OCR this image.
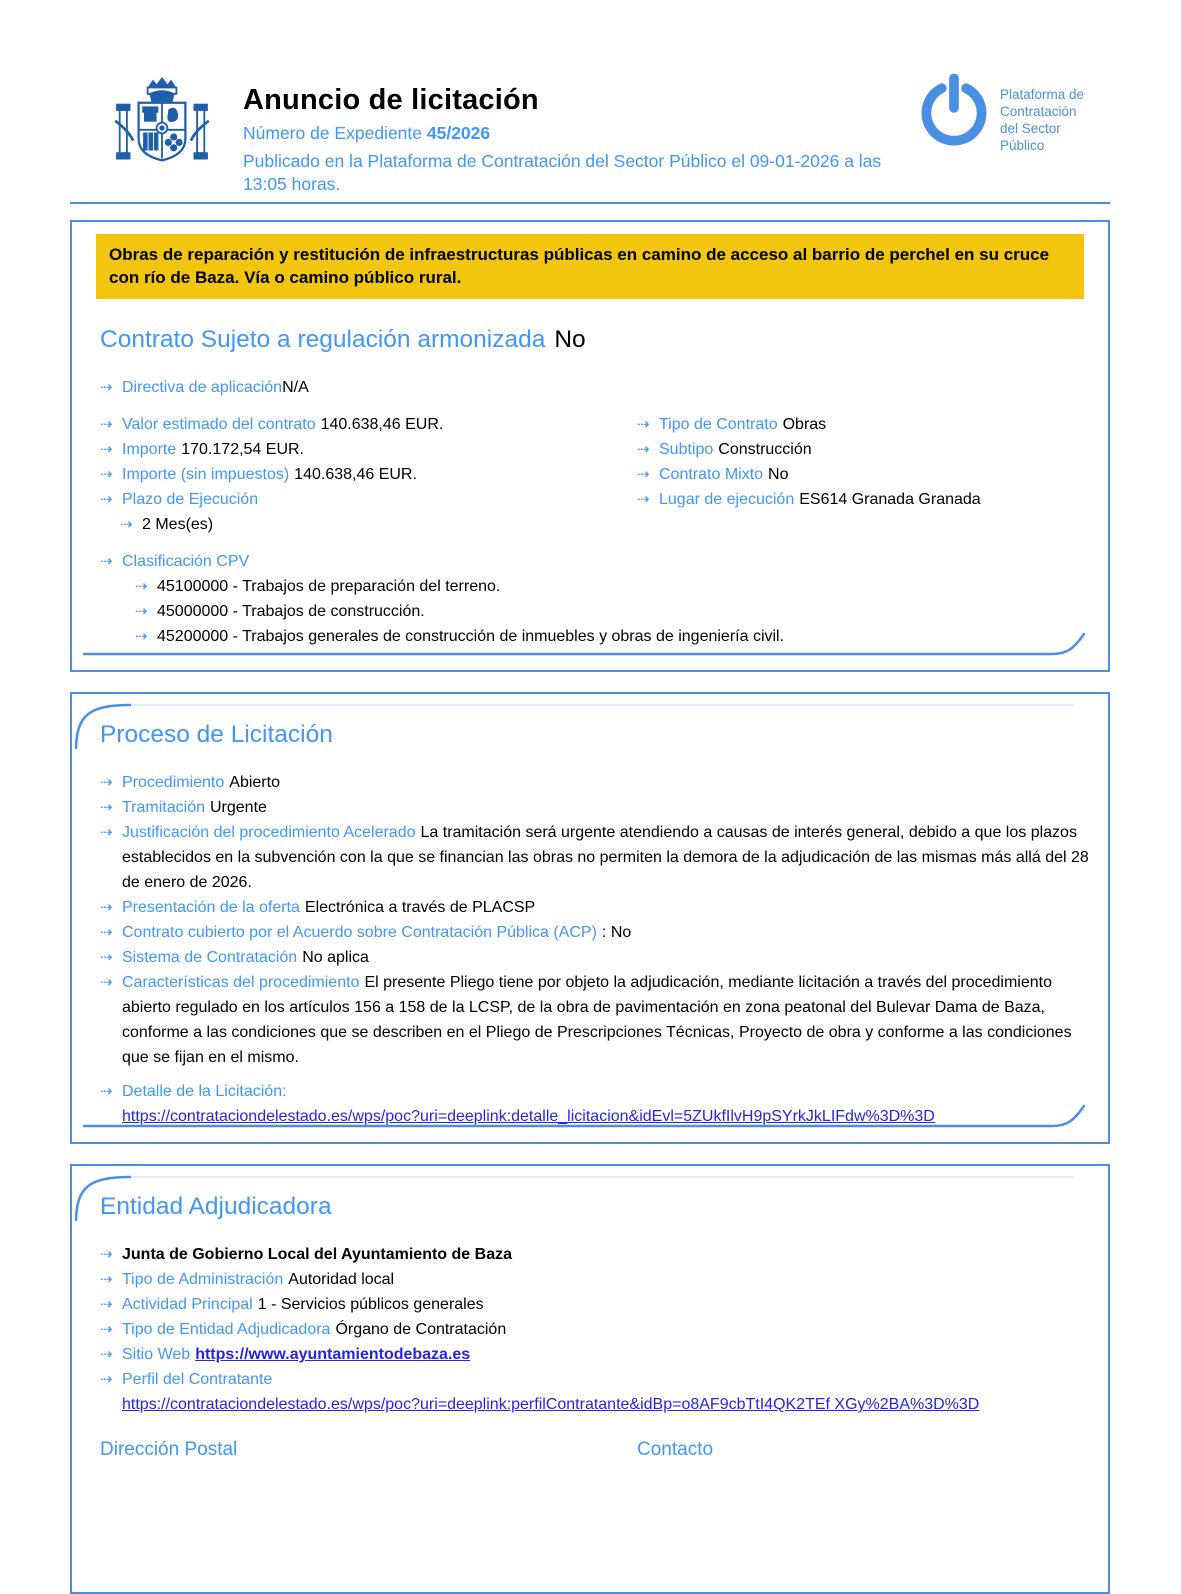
Anuncio de licitación
Número de Expediente 45/2026
Publicado en la Plataforma de Contratación del Sector Público el 09-01-2026 a las 13:05 horas.
Plataforma de
Contratación
del Sector
Público
Obras de reparación y restitución de infraestructuras públicas en camino de acceso al barrio de perchel en su cruce con río de Baza. Vía o camino público rural.
Contrato Sujeto a regulación armonizada No
⇢ Directiva de aplicaciónN/A
⇢ Valor estimado del contrato 140.638,46 EUR.
⇢ Importe 170.172,54 EUR.
⇢ Importe (sin impuestos) 140.638,46 EUR.
⇢ Plazo de Ejecución
⇢ 2 Mes(es)
⇢ Tipo de Contrato Obras
⇢ Subtipo Construcción
⇢ Contrato Mixto No
⇢ Lugar de ejecución ES614 Granada Granada
⇢ Clasificación CPV
⇢ 45100000 - Trabajos de preparación del terreno.
⇢ 45000000 - Trabajos de construcción.
⇢ 45200000 - Trabajos generales de construcción de inmuebles y obras de ingeniería civil.
Proceso de Licitación
⇢ Procedimiento Abierto
⇢ Tramitación Urgente
⇢ Justificación del procedimiento Acelerado La tramitación será urgente atendiendo a causas de interés general, debido a que los plazos establecidos en la subvención con la que se financian las obras no permiten la demora de la adjudicación de las mismas más allá del 28 de enero de 2026.
⇢ Presentación de la oferta Electrónica a través de PLACSP
⇢ Contrato cubierto por el Acuerdo sobre Contratación Pública (ACP) : No
⇢ Sistema de Contratación No aplica
⇢ Características del procedimiento El presente Pliego tiene por objeto la adjudicación, mediante licitación a través del procedimiento abierto regulado en los artículos 156 a 158 de la LCSP, de la obra de pavimentación en zona peatonal del Bulevar Dama de Baza, conforme a las condiciones que se describen en el Pliego de Prescripciones Técnicas, Proyecto de obra y conforme a las condiciones que se fijan en el mismo.
⇢ Detalle de la Licitación:
https://contrataciondelestado.es/wps/poc?uri=deeplink:detalle_licitacion&idEvl=5ZUkfIlvH9pSYrkJkLIFdw%3D%3D
Entidad Adjudicadora
⇢ Junta de Gobierno Local del Ayuntamiento de Baza
⇢ Tipo de Administración Autoridad local
⇢ Actividad Principal 1 - Servicios públicos generales
⇢ Tipo de Entidad Adjudicadora Órgano de Contratación
⇢ Sitio Web https://www.ayuntamientodebaza.es
⇢ Perfil del Contratante
https://contrataciondelestado.es/wps/poc?uri=deeplink:perfilContratante&idBp=o8AF9cbTtI4QK2TEf XGy%2BA%3D%3D
Dirección Postal	Contacto
